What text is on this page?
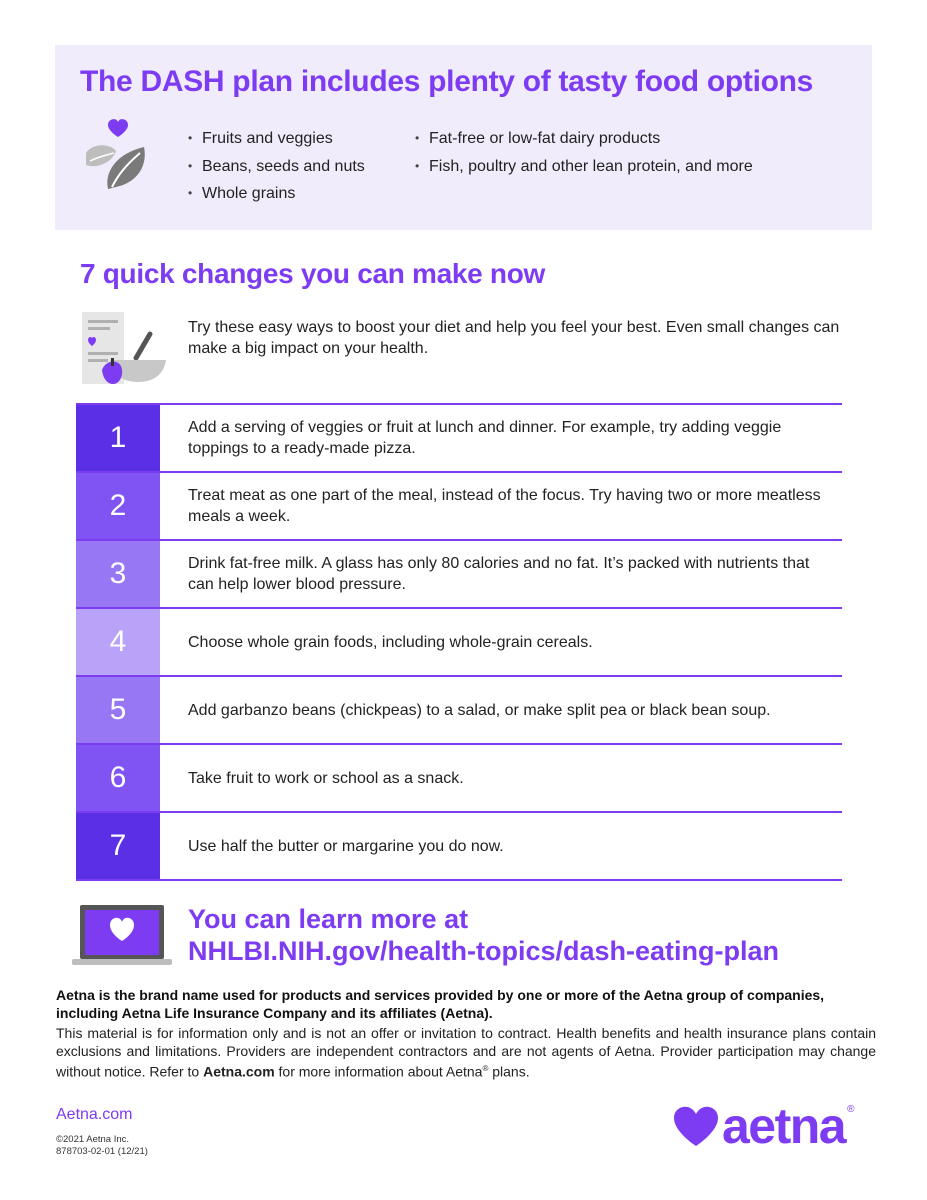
The DASH plan includes plenty of tasty food options
• Fruits and veggies
• Beans, seeds and nuts
• Whole grains
• Fat-free or low-fat dairy products
• Fish, poultry and other lean protein, and more
7 quick changes you can make now

Try these easy ways to boost your diet and help you feel your best. Even small changes can make a big impact on your health.

1	Add a serving of veggies or fruit at lunch and dinner. For example, try adding veggie toppings to a ready-made pizza.
2	Treat meat as one part of the meal, instead of the focus. Try having two or more meatless meals a week.
3	Drink fat-free milk. A glass has only 80 calories and no fat. It’s packed with nutrients that can help lower blood pressure.
4	Choose whole grain foods, including whole-grain cereals.
5	Add garbanzo beans (chickpeas) to a salad, or make split pea or black bean soup.
6	Take fruit to work or school as a snack.
7	Use half the butter or margarine you do now.

You can learn more at
NHLBI.NIH.gov/health-topics/dash-eating-plan

Aetna is the brand name used for products and services provided by one or more of the Aetna group of companies, including Aetna Life Insurance Company and its affiliates (Aetna).

This material is for information only and is not an offer or invitation to contract. Health benefits and health insurance plans contain exclusions and limitations. Providers are independent contractors and are not agents of Aetna. Provider participation may change without notice. Refer to Aetna.com for more information about Aetna® plans.

Aetna.com
©2021 Aetna Inc.
878703-02-01 (12/21)	aetna ®
